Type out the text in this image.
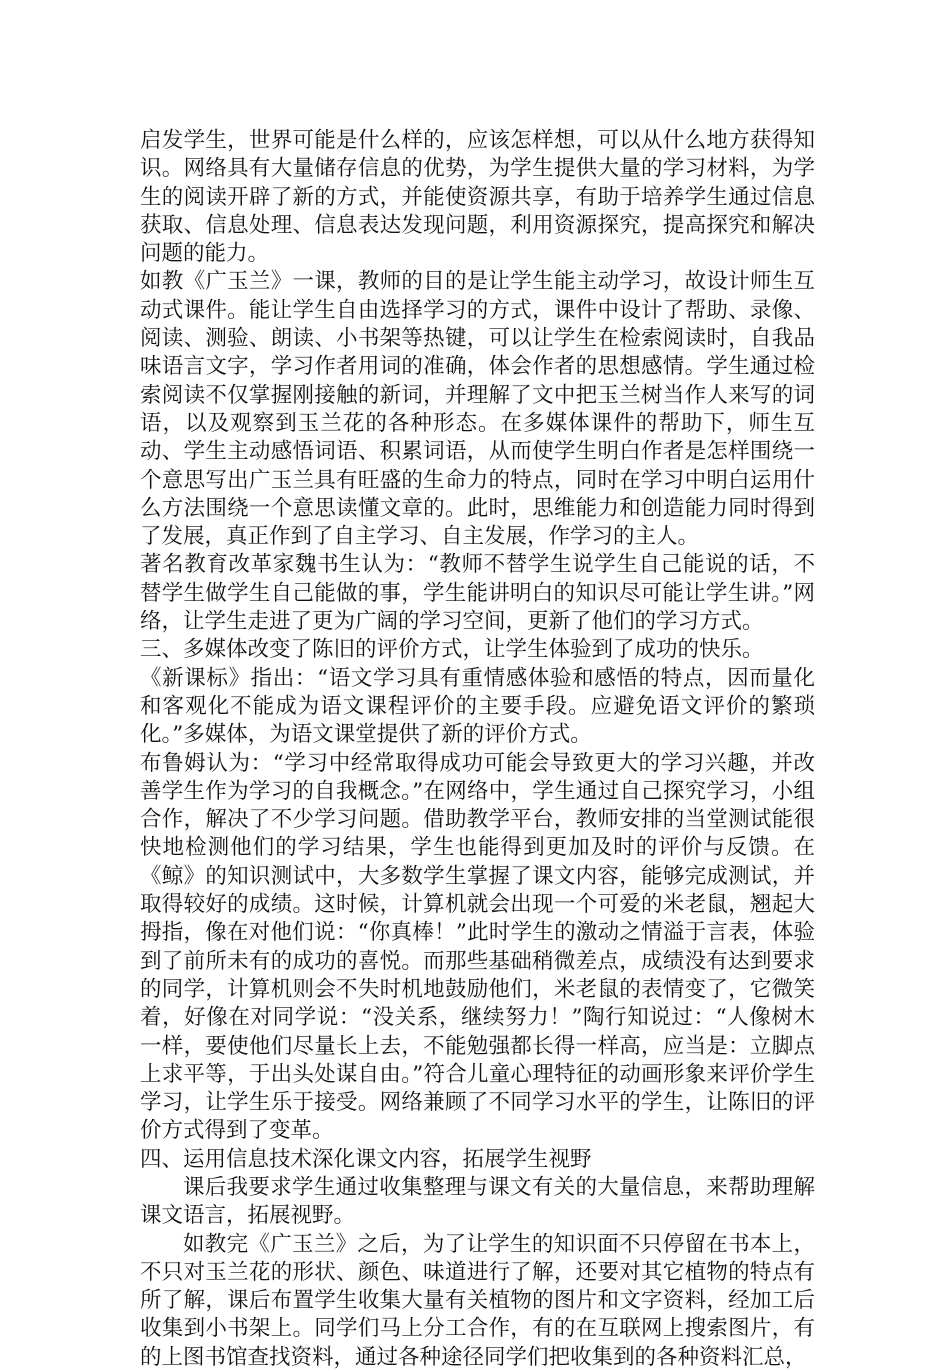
启发学生，世界可能是什么样的，应该怎样想，可以从什么地方获得知识。网络具有大量储存信息的优势，为学生提供大量的学习材料，为学生的阅读开辟了新的方式，并能使资源共享，有助于培养学生通过信息获取、信息处理、信息表达发现问题，利用资源探究，提高探究和解决问题的能力。

如教《广玉兰》一课，教师的目的是让学生能主动学习，故设计师生互动式课件。能让学生自由选择学习的方式，课件中设计了帮助、录像、阅读、测验、朗读、小书架等热键，可以让学生在检索阅读时，自我品味语言文字，学习作者用词的准确，体会作者的思想感情。学生通过检索阅读不仅掌握刚接触的新词，并理解了文中把玉兰树当作人来写的词语，以及观察到玉兰花的各种形态。在多媒体课件的帮助下，师生互动、学生主动感悟词语、积累词语，从而使学生明白作者是怎样围绕一个意思写出广玉兰具有旺盛的生命力的特点，同时在学习中明白运用什么方法围绕一个意思读懂文章的。此时，思维能力和创造能力同时得到了发展，真正作到了自主学习、自主发展，作学习的主人。

著名教育改革家魏书生认为：“教师不替学生说学生自己能说的话，不替学生做学生自己能做的事，学生能讲明白的知识尽可能让学生讲。”网络，让学生走进了更为广阔的学习空间，更新了他们的学习方式。

三、多媒体改变了陈旧的评价方式，让学生体验到了成功的快乐。

《新课标》指出：“语文学习具有重情感体验和感悟的特点，因而量化和客观化不能成为语文课程评价的主要手段。应避免语文评价的繁琐化。”多媒体，为语文课堂提供了新的评价方式。

布鲁姆认为：“学习中经常取得成功可能会导致更大的学习兴趣，并改善学生作为学习的自我概念。”在网络中，学生通过自己探究学习，小组合作，解决了不少学习问题。借助教学平台，教师安排的当堂测试能很快地检测他们的学习结果，学生也能得到更加及时的评价与反馈。在《鲸》的知识测试中，大多数学生掌握了课文内容，能够完成测试，并取得较好的成绩。这时候，计算机就会出现一个可爱的米老鼠，翘起大拇指，像在对他们说：“你真棒！”此时学生的激动之情溢于言表，体验到了前所未有的成功的喜悦。而那些基础稍微差点，成绩没有达到要求的同学，计算机则会不失时机地鼓励他们，米老鼠的表情变了，它微笑着，好像在对同学说：“没关系，继续努力！”陶行知说过：“人像树木一样，要使他们尽量长上去，不能勉强都长得一样高，应当是：立脚点上求平等，于出头处谋自由。”符合儿童心理特征的动画形象来评价学生学习，让学生乐于接受。网络兼顾了不同学习水平的学生，让陈旧的评价方式得到了变革。

四、运用信息技术深化课文内容，拓展学生视野

课后我要求学生通过收集整理与课文有关的大量信息，来帮助理解课文语言，拓展视野。

如教完《广玉兰》之后，为了让学生的知识面不只停留在书本上，不只对玉兰花的形状、颜色、味道进行了解，还要对其它植物的特点有所了解，课后布置学生收集大量有关植物的图片和文字资料，经加工后收集到小书架上。同学们马上分工合作，有的在互联网上搜索图片，有的上图书馆查找资料，通过各种途径同学们把收集到的各种资料汇总，
